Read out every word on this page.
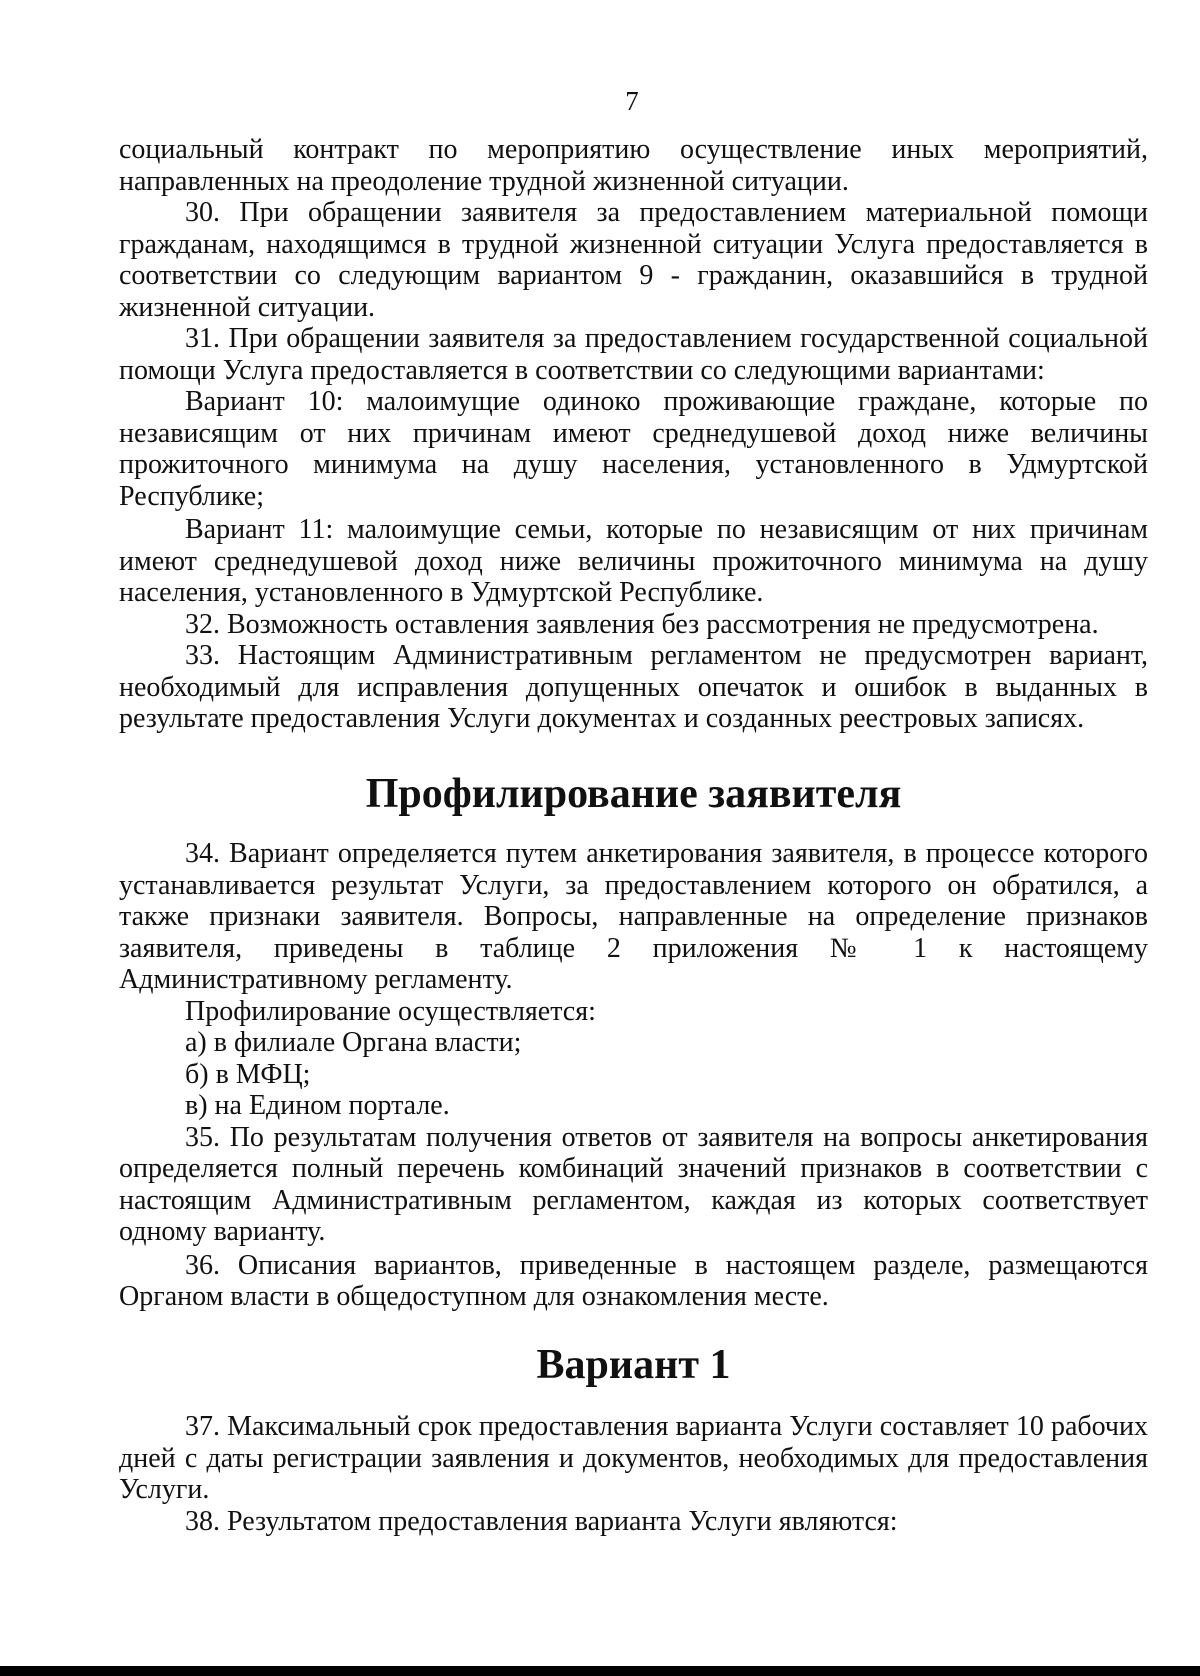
7

социальный контракт по мероприятию осуществление иных мероприятий, направленных на преодоление трудной жизненной ситуации.

30. При обращении заявителя за предоставлением материальной помощи гражданам, находящимся в трудной жизненной ситуации Услуга предоставляется в соответствии со следующим вариантом 9 - гражданин, оказавшийся в трудной жизненной ситуации.

31. При обращении заявителя за предоставлением государственной социальной помощи Услуга предоставляется в соответствии со следующими вариантами:

Вариант 10: малоимущие одиноко проживающие граждане, которые по независящим от них причинам имеют среднедушевой доход ниже величины прожиточного минимума на душу населения, установленного в Удмуртской Республике;

Вариант 11: малоимущие семьи, которые по независящим от них причинам имеют среднедушевой доход ниже величины прожиточного минимума на душу населения, установленного в Удмуртской Республике.

32. Возможность оставления заявления без рассмотрения не предусмотрена.

33. Настоящим Административным регламентом не предусмотрен вариант, необходимый для исправления допущенных опечаток и ошибок в выданных в результате предоставления Услуги документах и созданных реестровых записях.

Профилирование заявителя

34. Вариант определяется путем анкетирования заявителя, в процессе которого устанавливается результат Услуги, за предоставлением которого он обратился, а также признаки заявителя. Вопросы, направленные на определение признаков заявителя, приведены в таблице 2 приложения № 1 к настоящему Административному регламенту.

Профилирование осуществляется:

а) в филиале Органа власти;

б) в МФЦ;

в) на Едином портале.

35. По результатам получения ответов от заявителя на вопросы анкетирования определяется полный перечень комбинаций значений признаков в соответствии с настоящим Административным регламентом, каждая из которых соответствует одному варианту.

36. Описания вариантов, приведенные в настоящем разделе, размещаются Органом власти в общедоступном для ознакомления месте.

Вариант 1

37. Максимальный срок предоставления варианта Услуги составляет 10 рабочих дней с даты регистрации заявления и документов, необходимых для предоставления Услуги.

38. Результатом предоставления варианта Услуги являются:
